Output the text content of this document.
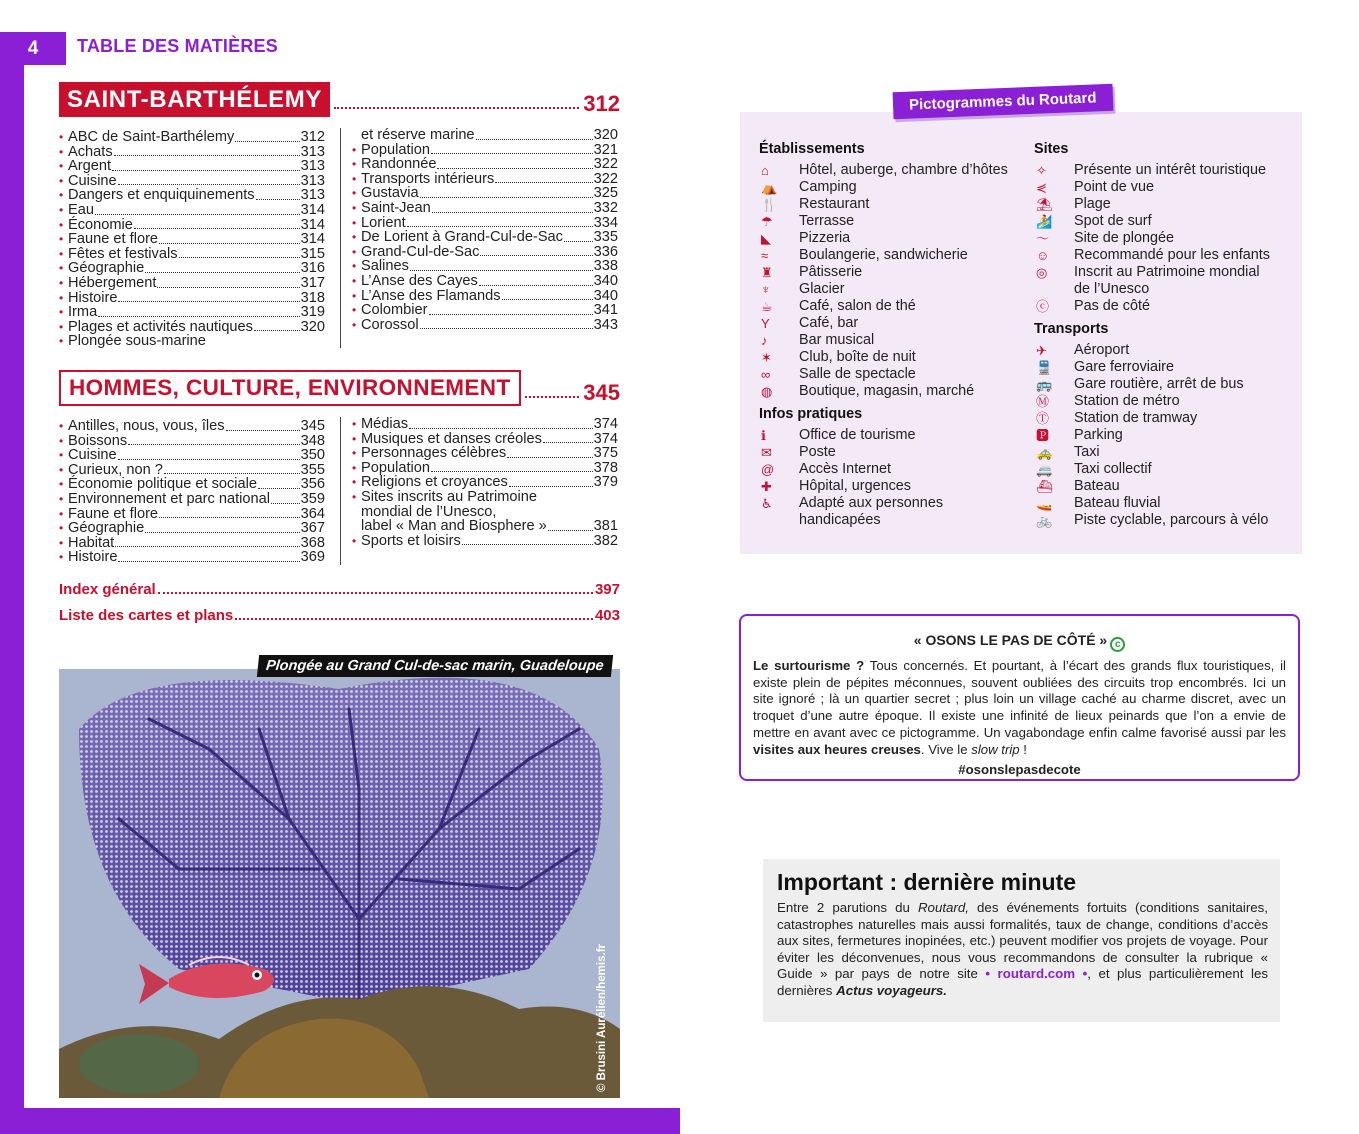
4	TABLE DES MATIÈRES
SAINT-BARTHÉLEMY	312
• ABC de Saint-Barthélemy	312
• Achats	313
• Argent	313
• Cuisine	313
• Dangers et enquiquinements	313
• Eau	314
• Économie	314
• Faune et flore	314
• Fêtes et festivals	315
• Géographie	316
• Hébergement	317
• Histoire	318
• Irma	319
• Plages et activités nautiques	320
• Plongée sous-marine
et réserve marine	320
• Population	321
• Randonnée	322
• Transports intérieurs	322
• Gustavia	325
• Saint-Jean	332
• Lorient	334
• De Lorient à Grand-Cul-de-Sac 335
• Grand-Cul-de-Sac	336
• Salines	338
• L’Anse des Cayes	340
• L’Anse des Flamands	340
• Colombier	341
• Corossol	343
HOMMES, CULTURE, ENVIRONNEMENT	345
• Antilles, nous, vous, îles	345
• Boissons	348
• Cuisine	350
• Curieux, non ?	355
• Économie politique et sociale	356
• Environnement et parc national 359
• Faune et flore	364
• Géographie	367
• Habitat	368
• Histoire	369
• Médias	374
• Musiques et danses créoles	374
• Personnages célèbres	375
• Population	378
• Religions et croyances	379
• Sites inscrits au Patrimoine
mondial de l’Unesco,
label « Man and Biosphere »	381
• Sports et loisirs	382
Index général	397
Liste des cartes et plans	403
Plongée au Grand Cul-de-sac marin, Guadeloupe
© Brusini Aurélien/hemis.fr
Pictogrammes du Routard
Établissements
⌂	Hôtel, auberge, chambre d’hôtes
⛺	Camping
🍴	Restaurant
☂	Terrasse
◣	Pizzeria
≈	Boulangerie, sandwicherie
♜	Pâtisserie
♆	Glacier
☕	Café, salon de thé
Y	Café, bar
♪	Bar musical
✶	Club, boîte de nuit
∞	Salle de spectacle
◍	Boutique, magasin, marché
Infos pratiques
ℹ	Office de tourisme
✉	Poste
@	Accès Internet
✚	Hôpital, urgences
♿	Adapté aux personnes
handicapées
Sites
✧	Présente un intérêt touristique
⋞	Point de vue
⛱	Plage
🏄	Spot de surf
〜	Site de plongée
☺	Recommandé pour les enfants
◎	Inscrit au Patrimoine mondial
de l’Unesco
ⓒ	Pas de côté
Transports
✈	Aéroport
🚆	Gare ferroviaire
🚌	Gare routière, arrêt de bus
Ⓜ	Station de métro
Ⓣ	Station de tramway
🅿	Parking
🚕	Taxi
🚐	Taxi collectif
⛴	Bateau
🚤	Bateau fluvial
🚲	Piste cyclable, parcours à vélo
« OSONS LE PAS DE CÔTÉ » c
Le surtourisme ? Tous concernés. Et pourtant, à l’écart des grands flux touristiques, il existe plein de pépites méconnues, souvent oubliées des circuits trop encombrés. Ici un site ignoré ; là un quartier secret ; plus loin un village caché au charme discret, avec un troquet d’une autre époque. Il existe une infinité de lieux peinards que l’on a envie de mettre en avant avec ce pictogramme. Un vagabondage enfin calme favorisé aussi par les visites aux heures creuses. Vive le slow trip !
#osonslepasdecote
Important : dernière minute

Entre 2 parutions du Routard, des événements fortuits (conditions sanitaires, catastrophes naturelles mais aussi formalités, taux de change, conditions d’accès aux sites, fermetures inopinées, etc.) peuvent modifier vos projets de voyage. Pour éviter les déconvenues, nous vous recommandons de consulter la rubrique « Guide » par pays de notre site • routard.com •, et plus particulièrement les dernières Actus voyageurs.
